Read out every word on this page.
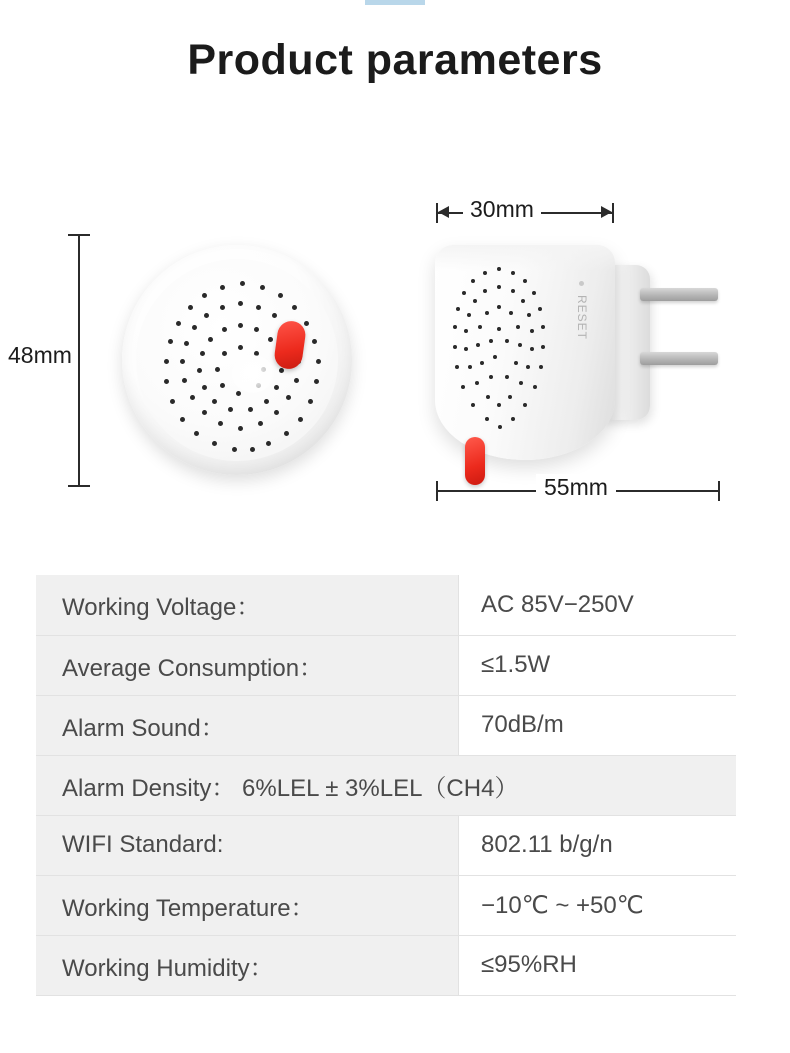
Product parameters
48mm
30mm
RESET
55mm
Working Voltage：	AC 85V−250V
Average Consumption：	≤1.5W
Alarm Sound：	70dB/m
Alarm Density： 6%LEL ± 3%LEL（CH4）	
WIFI Standard:	802.11 b/g/n
Working Temperature：	−10℃ ~ +50℃
Working Humidity：	≤95%RH
